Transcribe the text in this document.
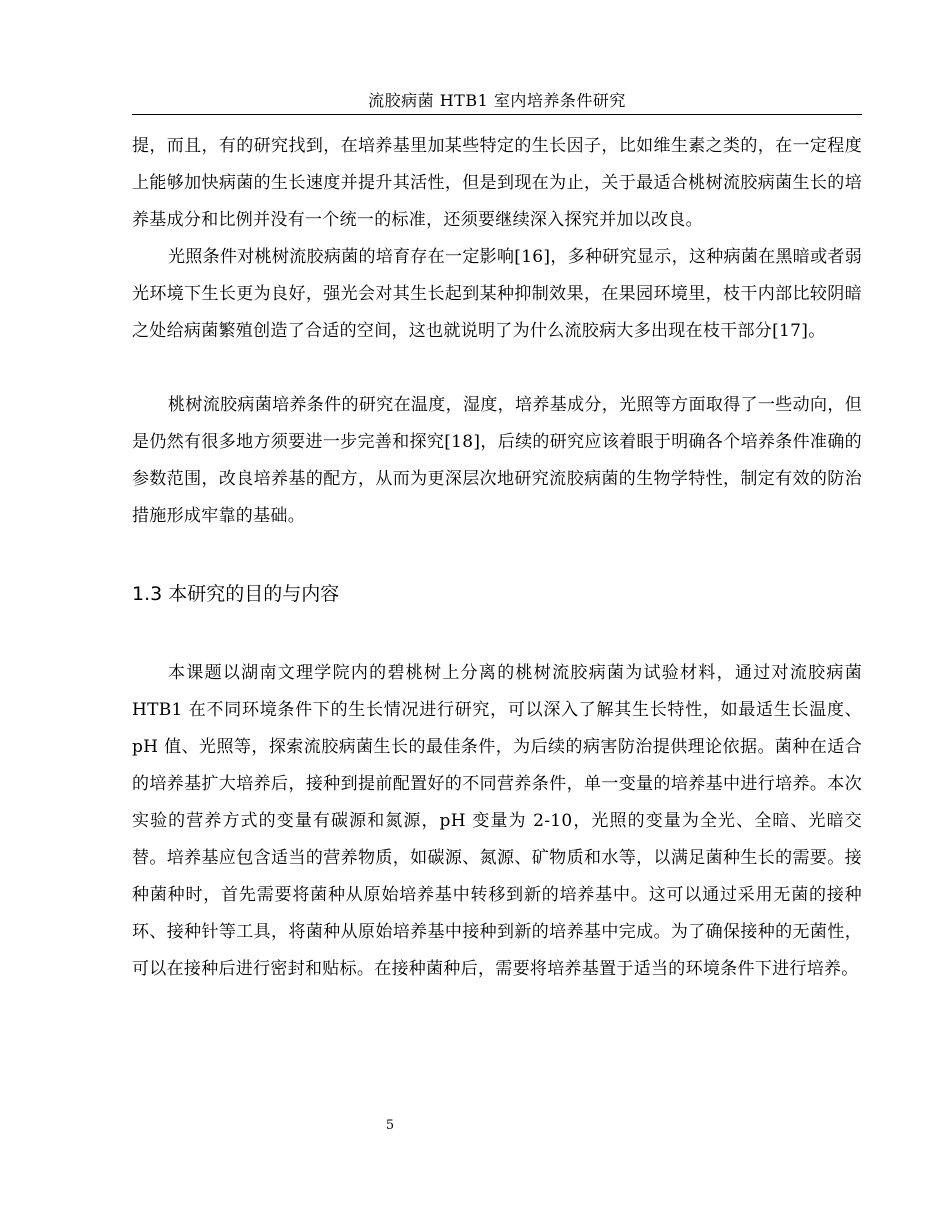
流胶病菌 HTB1 室内培养条件研究

提，而且，有的研究找到，在培养基里加某些特定的生长因子，比如维生素之类的，在一定程度上能够加快病菌的生长速度并提升其活性，但是到现在为止，关于最适合桃树流胶病菌生长的培养基成分和比例并没有一个统一的标准，还须要继续深入探究并加以改良。

光照条件对桃树流胶病菌的培育存在一定影响[16]，多种研究显示，这种病菌在黑暗或者弱光环境下生长更为良好，强光会对其生长起到某种抑制效果，在果园环境里，枝干内部比较阴暗之处给病菌繁殖创造了合适的空间，这也就说明了为什么流胶病大多出现在枝干部分[17]。

桃树流胶病菌培养条件的研究在温度，湿度，培养基成分，光照等方面取得了一些动向，但是仍然有很多地方须要进一步完善和探究[18]，后续的研究应该着眼于明确各个培养条件准确的参数范围，改良培养基的配方，从而为更深层次地研究流胶病菌的生物学特性，制定有效的防治措施形成牢靠的基础。

1.3 本研究的目的与内容

本课题以湖南文理学院内的碧桃树上分离的桃树流胶病菌为试验材料，通过对流胶病菌 HTB1 在不同环境条件下的生长情况进行研究，可以深入了解其生长特性，如最适生长温度、pH 值、光照等，探索流胶病菌生长的最佳条件，为后续的病害防治提供理论依据。菌种在适合的培养基扩大培养后，接种到提前配置好的不同营养条件，单一变量的培养基中进行培养。本次实验的营养方式的变量有碳源和氮源，pH 变量为 2-10，光照的变量为全光、全暗、光暗交替。培养基应包含适当的营养物质，如碳源、氮源、矿物质和水等，以满足菌种生长的需要。接种菌种时，首先需要将菌种从原始培养基中转移到新的培养基中。这可以通过采用无菌的接种环、接种针等工具，将菌种从原始培养基中接种到新的培养基中完成。为了确保接种的无菌性，可以在接种后进行密封和贴标。在接种菌种后，需要将培养基置于适当的环境条件下进行培养。

5
